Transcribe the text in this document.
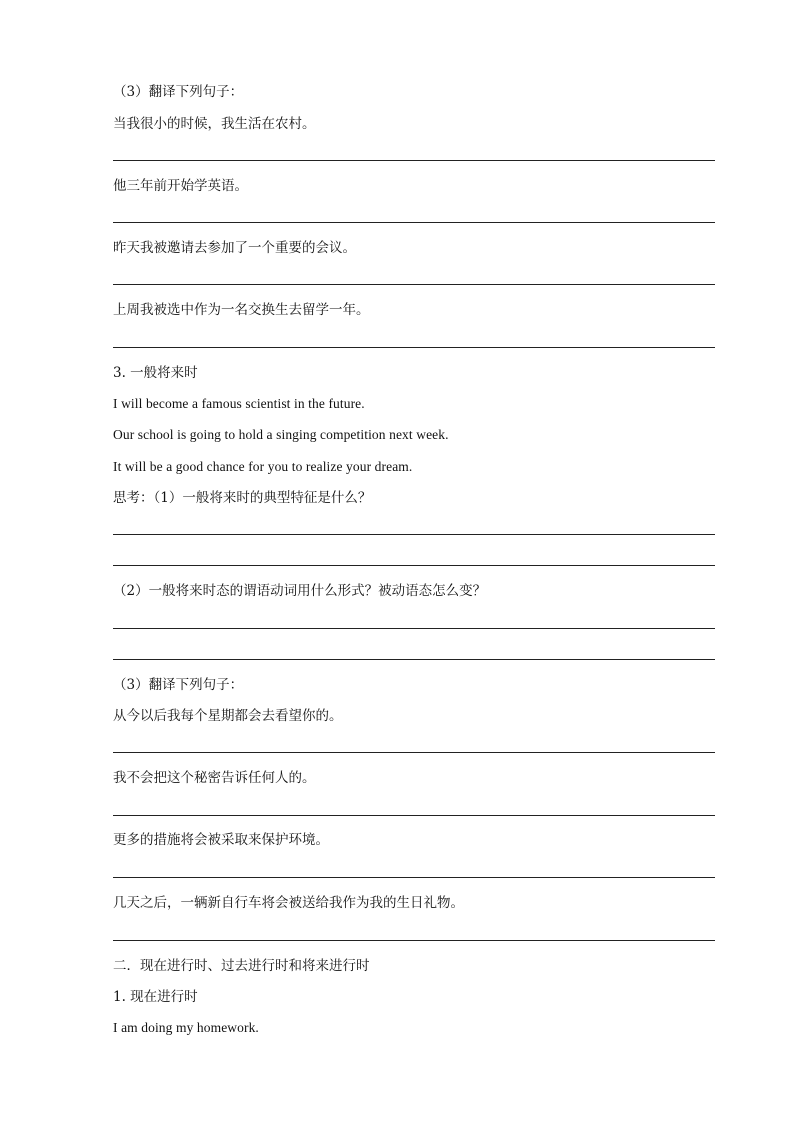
（3）翻译下列句子：
当我很小的时候，我生活在农村。
他三年前开始学英语。
昨天我被邀请去参加了一个重要的会议。
上周我被选中作为一名交换生去留学一年。
3. 一般将来时
I will become a famous scientist in the future.
Our school is going to hold a singing competition next week.
It will be a good chance for you to realize your dream.
思考：（1）一般将来时的典型特征是什么？
（2）一般将来时态的谓语动词用什么形式？被动语态怎么变？
（3）翻译下列句子：
从今以后我每个星期都会去看望你的。
我不会把这个秘密告诉任何人的。
更多的措施将会被采取来保护环境。
几天之后，一辆新自行车将会被送给我作为我的生日礼物。
二．现在进行时、过去进行时和将来进行时
1. 现在进行时
I am doing my homework.
